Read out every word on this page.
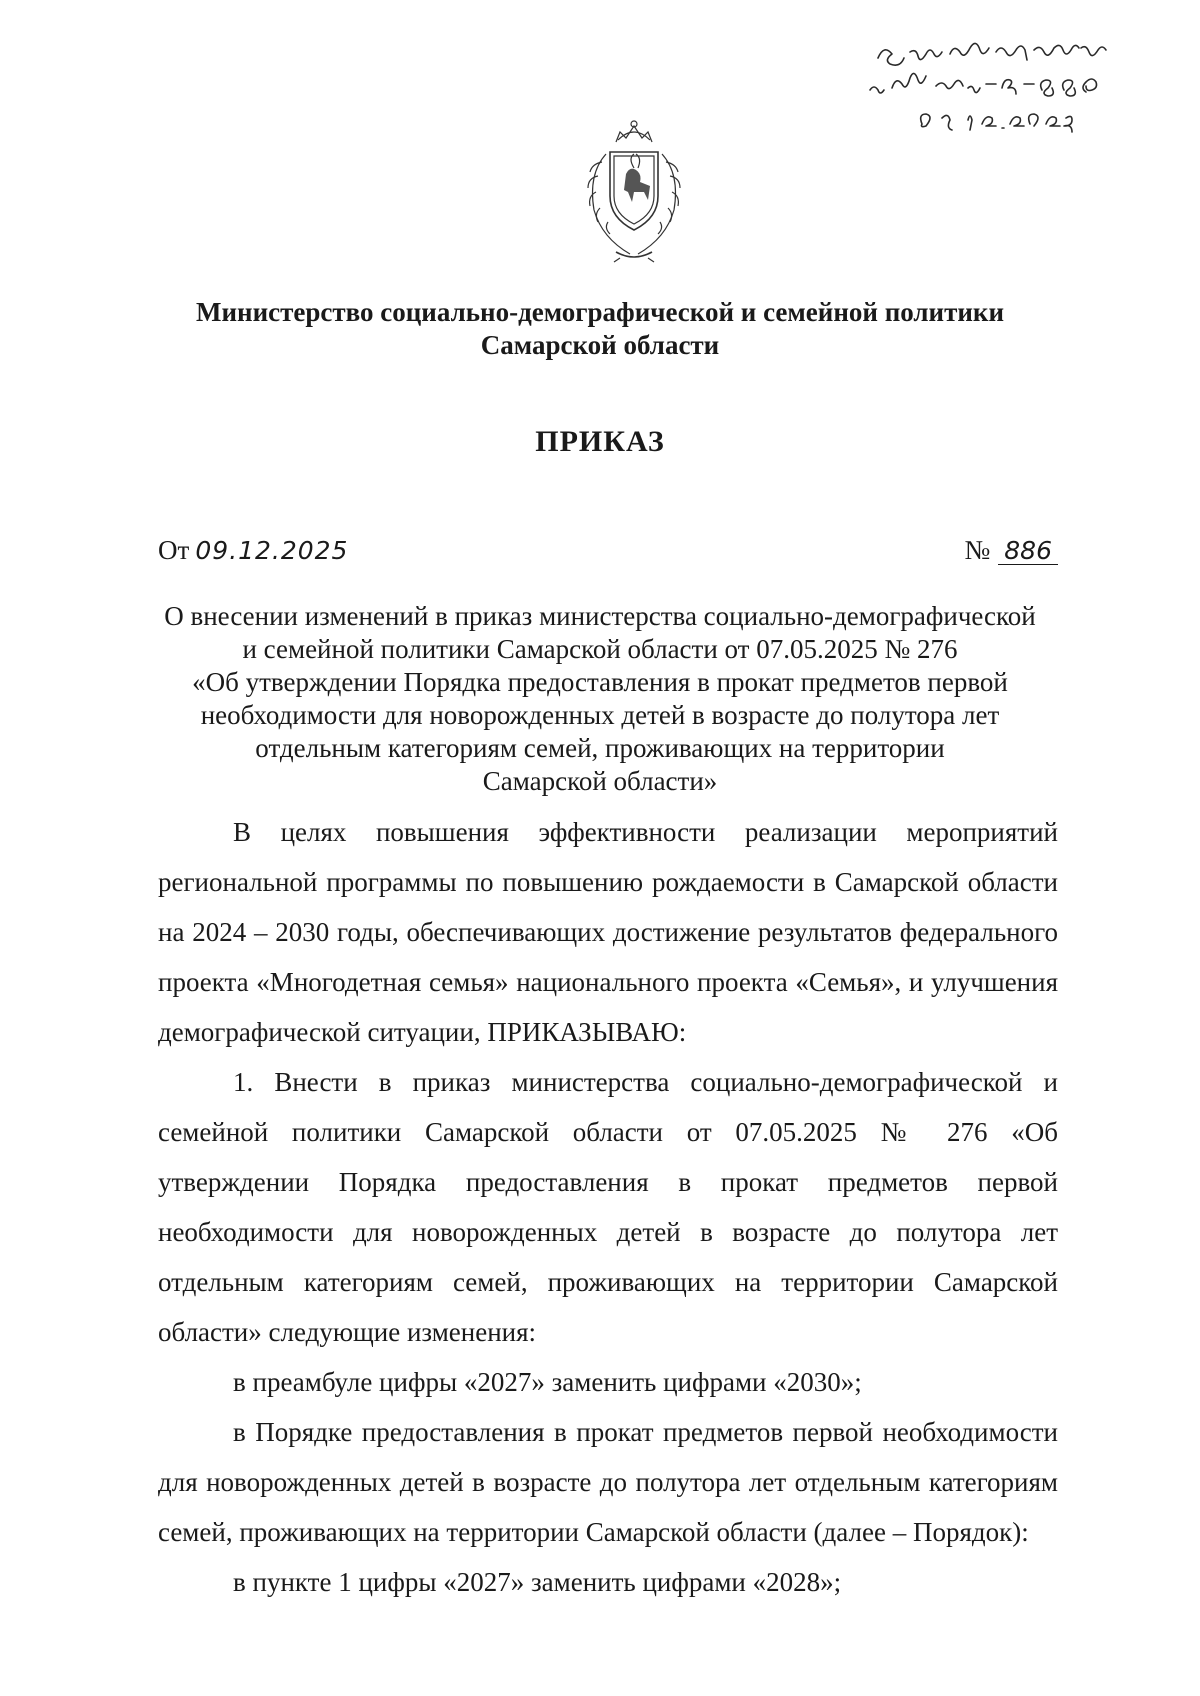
Министерство социально-демографической и семейной политики
Самарской области
ПРИКАЗ
От 09.12.2025	№ 886
О внесении изменений в приказ министерства социально-демографической
и семейной политики Самарской области от 07.05.2025 № 276
«Об утверждении Порядка предоставления в прокат предметов первой
необходимости для новорожденных детей в возрасте до полутора лет
отдельным категориям семей, проживающих на территории
Самарской области»

В целях повышения эффективности реализации мероприятий региональной программы по повышению рождаемости в Самарской области на 2024 – 2030 годы, обеспечивающих достижение результатов федерального проекта «Многодетная семья» национального проекта «Семья», и улучшения демографической ситуации, ПРИКАЗЫВАЮ:

1. Внести в приказ министерства социально-демографической и семейной политики Самарской области от 07.05.2025 № 276 «Об утверждении Порядка предоставления в прокат предметов первой необходимости для новорожденных детей в возрасте до полутора лет отдельным категориям семей, проживающих на территории Самарской области» следующие изменения:

в преамбуле цифры «2027» заменить цифрами «2030»;

в Порядке предоставления в прокат предметов первой необходимости для новорожденных детей в возрасте до полутора лет отдельным категориям семей, проживающих на территории Самарской области (далее – Порядок):

в пункте 1 цифры «2027» заменить цифрами «2028»;
